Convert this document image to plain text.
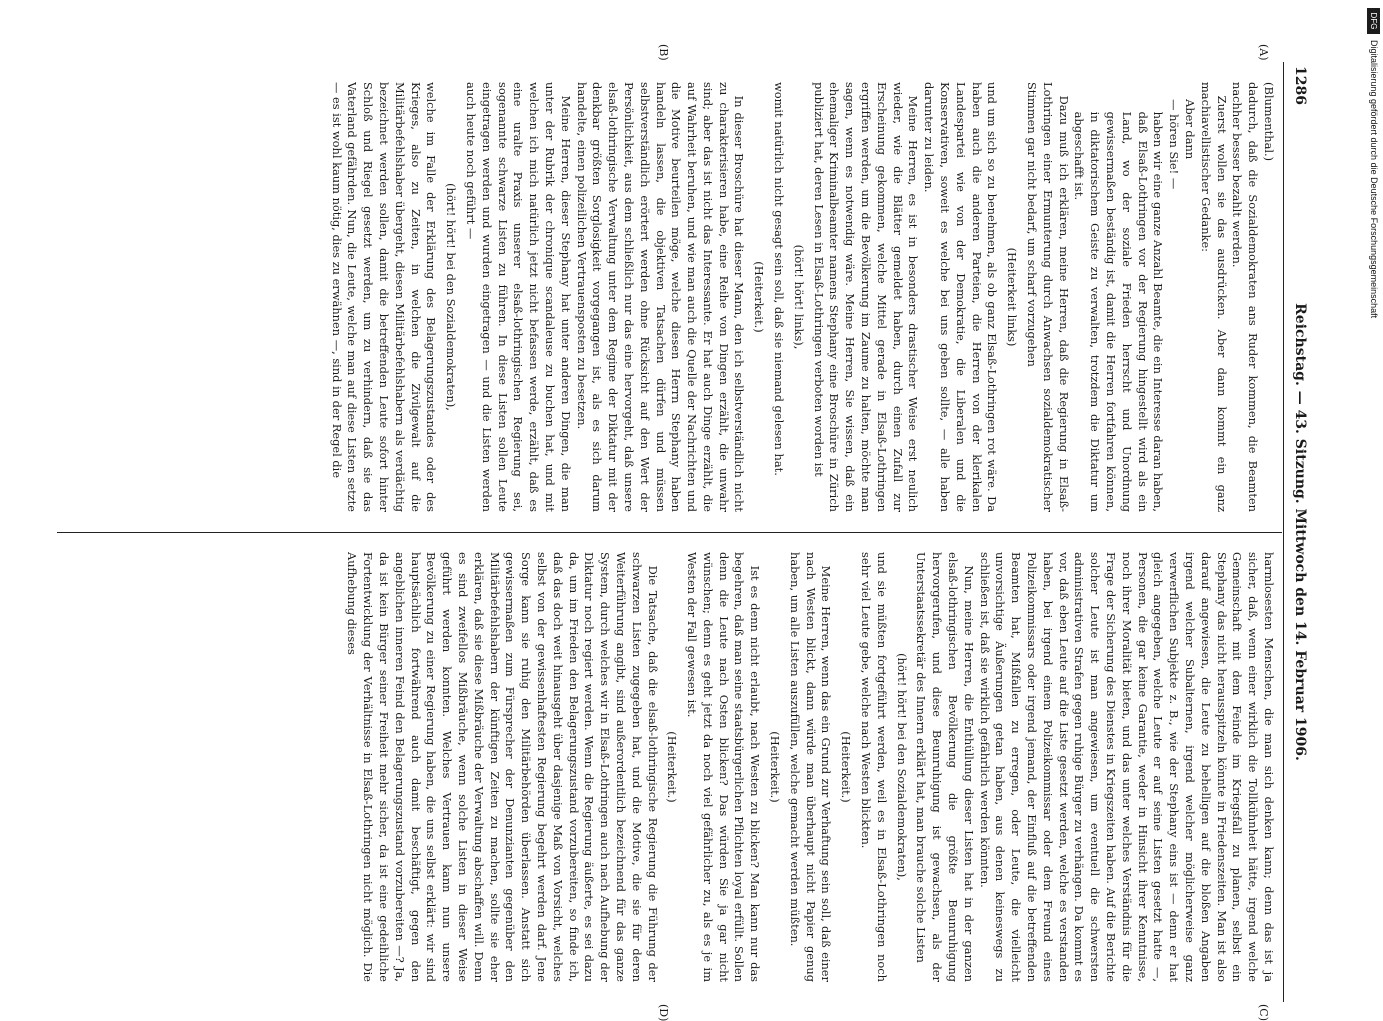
1286
Reichstag. — 43. Sitzung. Mittwoch den 14. Februar 1906.
(A)
(B)
(C)
(D)

(Blumenthal.)

dadurch, daß die Sozialdemokraten ans Ruder kommen, die Beamten nachher besser bezahlt werden.

Zuerst wollen sie das ausdrücken. Aber dann kommt ein ganz machiavellistischer Gedanke:

Aber dann

— hören Sie! —

haben wir eine ganze Anzahl Beamte, die ein Interesse daran haben, daß Elsaß-Lothringen vor der Regierung hingestellt wird als ein Land, wo der soziale Frieden herrscht und Unordnung gewissermaßen beständig ist, damit die Herren fortfahren können, in diktatorischem Geiste zu verwalten, trotzdem die Diktatur um abgeschafft ist.

Dazu muß ich erklären, meine Herren, daß die Regierung in Elsaß-Lothringen einer Ermunterung durch Anwachsen sozialdemokratischer Stimmen gar nicht bedarf, um scharf vorzugehen

(Heiterkeit links)

und um sich so zu benehmen, als ob ganz Elsaß-Lothringen rot wäre. Da haben auch die anderen Parteien, die Herren von der klerikalen Landespartei wie von der Demokratie, die Liberalen und die Konservativen, soweit es welche bei uns geben sollte, — alle haben darunter zu leiden.

Meine Herren, es ist in besonders drastischer Weise erst neulich wieder, wie die Blätter gemeldet haben, durch einen Zufall zur Erscheinung gekommen, welche Mittel gerade in Elsaß-Lothringen ergriffen werden, um die Bevölkerung im Zaume zu halten, möchte man sagen, wenn es notwendig wäre. Meine Herren, Sie wissen, daß ein ehemaliger Kriminalbeamter namens Stephany eine Broschüre in Zürich publiziert hat, deren Lesen in Elsaß-Lothringen verboten worden ist

(hört! hört! links),

womit natürlich nicht gesagt sein soll, daß sie niemand gelesen hat.

(Heiterkeit.)

In dieser Broschüre hat dieser Mann, den ich selbstverständlich nicht zu charakterisieren habe, eine Reihe von Dingen erzählt, die unwahr sind; aber das ist nicht das Interessante. Er hat auch Dinge erzählt, die auf Wahrheit beruhen, und wie man auch die Quelle der Nachrichten und die Motive beurteilen möge, welche diesen Herrn Stephany haben handeln lassen, die objektiven Tatsachen dürfen und müssen selbstverständlich erörtert werden ohne Rücksicht auf den Wert der Persönlichkeit, aus dem schließlich nur das eine hervorgeht, daß unsere elsaß-lothringische Verwaltung unter dem Regime der Diktatur mit der denkbar größten Sorglosigkeit vorgegangen ist, als es sich darum handelte, einen polizeilichen Vertrauensposten zu besetzen.

Meine Herren, dieser Stephany hat unter anderen Dingen, die man unter der Rubrik der chronique scandaleuse zu buchen hat, und mit welchen ich mich natürlich jetzt nicht befassen werde, erzählt, daß es eine uralte Praxis unserer elsaß-lothringischen Regierung sei, sogenannte schwarze Listen zu führen. In diese Listen sollen Leute eingetragen werden und wurden eingetragen — und die Listen werden auch heute noch geführt —

(hört! hört! bei den Sozialdemokraten),

welche im Falle der Erklärung des Belagerungszustandes oder des Krieges, also zu Zeiten, in welchen die Zivilgewalt auf die Militärbefehlshaber übergeht, diesen Militärbefehlshabern als verdächtig bezeichnet werden sollen, damit die betreffenden Leute sofort hinter Schloß und Riegel gesetzt werden, um zu verhindern, daß sie das Vaterland gefährden. Nun, die Leute, welche man auf diese Listen setzte — es ist wohl kaum nötig, dies zu erwähnen —, sind in der Regel die

harmlosesten Menschen, die man sich denken kann; denn das ist ja sicher, daß, wenn einer wirklich die Tollkühnheit hätte, irgend welche Gemeinschaft mit dem Feinde im Kriegsfall zu planen, selbst ein Stephany das nicht herausspitzeln könnte in Friedenszeiten. Man ist also darauf angewiesen, die Leute zu behelligen auf die bloßen Angaben irgend welcher Subalternen, irgend welcher möglicherweise ganz verwerflichen Subjekte z. B., wie der Stephany eins ist — denn er hat gleich angegeben, welche Leute er auf seine Listen gesetzt hatte —, Personen, die gar keine Garantie, weder in Hinsicht ihrer Kenntnisse, noch ihrer Moralität bieten, und das unter welches Verständnis für die Frage der Sicherung des Dienstes in Kriegszeiten haben. Auf die Berichte solcher Leute ist man angewiesen, um eventuell die schwersten administrativen Strafen gegen ruhige Bürger zu verhängen. Da kommt es vor, daß eben Leute auf die Liste gesetzt werden, welche es verstanden haben, bei irgend einem Polizeikommissar oder dem Freund eines Polizeikommissars oder irgend jemand, der Einfluß auf die betreffenden Beamten hat, Mißfallen zu erregen, oder Leute, die vielleicht unvorsichtige Äußerungen getan haben, aus denen keineswegs zu schließen ist, daß sie wirklich gefährlich werden könnten.

Nun, meine Herren, die Enthüllung dieser Listen hat in der ganzen elsaß-lothringischen Bevölkerung die größte Beunruhigung hervorgerufen, und diese Beunruhigung ist gewachsen, als der Unterstaatssekretär des Innern erklärt hat, man brauche solche Listen

(hört! hört! bei den Sozialdemokraten),

und sie müßten fortgeführt werden, weil es in Elsaß-Lothringen noch sehr viel Leute gebe, welche nach Westen blickten.

(Heiterkeit.)

Meine Herren, wenn das ein Grund zur Verhaftung sein soll, daß einer nach Westen blickt, dann würde man überhaupt nicht Papier genug haben, um alle Listen auszufüllen, welche gemacht werden müßten.

(Heiterkeit.)

Ist es denn nicht erlaubt, nach Westen zu blicken? Man kann nur das begehren, daß man seine staatsbürgerlichen Pflichten loyal erfüllt. Sollen denn die Leute nach Osten blicken? Das würden Sie ja gar nicht wünschen; denn es geht jetzt da noch viel gefährlicher zu, als es je im Westen der Fall gewesen ist.

(Heiterkeit.)

Die Tatsache, daß die elsaß-lothringische Regierung die Führung der schwarzen Listen zugegeben hat, und die Motive, die sie für deren Weiterführung angibt, sind außerordentlich bezeichnend für das ganze System, durch welches wir in Elsaß-Lothringen auch nach Aufhebung der Diktatur noch regiert werden. Wenn die Regierung äußerte, es sei dazu da, um im Frieden den Belagerungszustand vorzubereiten, so finde ich, daß das doch weit hinausgeht über dasjenige Maß von Vorsicht, welches selbst von der gewissenhaftesten Regierung begehrt werden darf. Jene Sorge kann sie ruhig den Militärbehörden überlassen. Anstatt sich gewissermaßen zum Fürsprecher der Denunzianten gegenüber den Militärbefehlshabern der künftigen Zeiten zu machen, sollte sie eher erklären, daß sie diese Mißbräuche der Verwaltung abschaffen will. Denn es sind zweifellos Mißbräuche, wenn solche Listen in dieser Weise geführt werden konnten. Welches Vertrauen kann nun unsere Bevölkerung zu einer Regierung haben, die uns selbst erklärt: wir sind hauptsächlich fortwährend auch damit beschäftigt, gegen den angeblichen inneren Feind den Belagerungszustand vorzubereiten —? Ja, da ist kein Bürger seiner Freiheit mehr sicher, da ist eine gedeihliche Fortentwicklung der Verhältnisse in Elsaß-Lothringen nicht möglich. Die Aufhebung dieses

DFG
Digitalisierung gefördert durch die Deutsche Forschungsgemeinschaft
